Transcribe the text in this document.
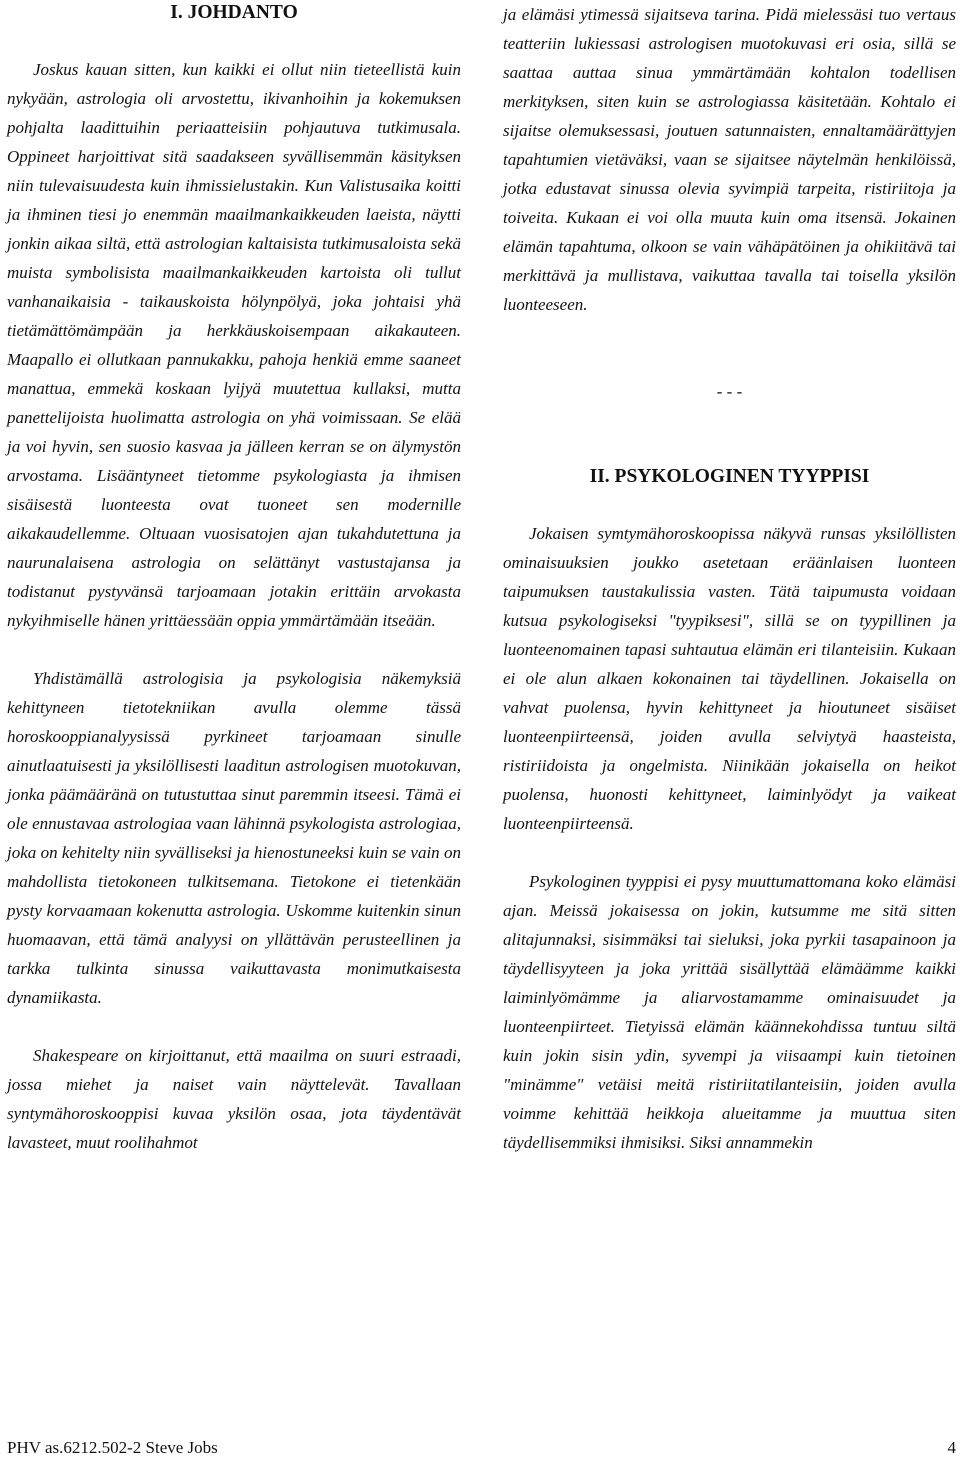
I. JOHDANTO

Joskus kauan sitten, kun kaikki ei ollut niin tieteellistä kuin nykyään, astrologia oli arvostettu, ikivanhoihin ja kokemuksen pohjalta laadittuihin periaatteisiin pohjautuva tutkimusala. Oppineet harjoittivat sitä saadakseen syvällisemmän käsityksen niin tulevaisuudesta kuin ihmissielustakin. Kun Valistusaika koitti ja ihminen tiesi jo enemmän maailmankaikkeuden laeista, näytti jonkin aikaa siltä, että astrologian kaltaisista tutkimusaloista sekä muista symbolisista maailmankaikkeuden kartoista oli tullut vanhanaikaisia - taikauskoista hölynpölyä, joka johtaisi yhä tietämättömämpään ja herkkäuskoisempaan aikakauteen. Maapallo ei ollutkaan pannukakku, pahoja henkiä emme saaneet manattua, emmekä koskaan lyijyä muutettua kullaksi, mutta panettelijoista huolimatta astrologia on yhä voimissaan. Se elää ja voi hyvin, sen suosio kasvaa ja jälleen kerran se on älymystön arvostama. Lisääntyneet tietomme psykologiasta ja ihmisen sisäisestä luonteesta ovat tuoneet sen modernille aikakaudellemme. Oltuaan vuosisatojen ajan tukahdutettuna ja naurunalaisena astrologia on selättänyt vastustajansa ja todistanut pystyvänsä tarjoamaan jotakin erittäin arvokasta nykyihmiselle hänen yrittäessään oppia ymmärtämään itseään.

Yhdistämällä astrologisia ja psykologisia näkemyksiä kehittyneen tietotekniikan avulla olemme tässä horoskooppianalyysissä pyrkineet tarjoamaan sinulle ainutlaatuisesti ja yksilöllisesti laaditun astrologisen muotokuvan, jonka päämääränä on tutustuttaa sinut paremmin itseesi. Tämä ei ole ennustavaa astrologiaa vaan lähinnä psykologista astrologiaa, joka on kehitelty niin syvälliseksi ja hienostuneeksi kuin se vain on mahdollista tietokoneen tulkitsemana. Tietokone ei tietenkään pysty korvaamaan kokenutta astrologia. Uskomme kuitenkin sinun huomaavan, että tämä analyysi on yllättävän perusteellinen ja tarkka tulkinta sinussa vaikuttavasta monimutkaisesta dynamiikasta.

Shakespeare on kirjoittanut, että maailma on suuri estraadi, jossa miehet ja naiset vain näyttelevät. Tavallaan syntymähoroskooppisi kuvaa yksilön osaa, jota täydentävät lavasteet, muut roolihahmot

ja elämäsi ytimessä sijaitseva tarina. Pidä mielessäsi tuo vertaus teatteriin lukiessasi astrologisen muotokuvasi eri osia, sillä se saattaa auttaa sinua ymmärtämään kohtalon todellisen merkityksen, siten kuin se astrologiassa käsitetään. Kohtalo ei sijaitse olemuksessasi, joutuen satunnaisten, ennaltamäärättyjen tapahtumien vietäväksi, vaan se sijaitsee näytelmän henkilöissä, jotka edustavat sinussa olevia syvimpiä tarpeita, ristiriitoja ja toiveita. Kukaan ei voi olla muuta kuin oma itsensä. Jokainen elämän tapahtuma, olkoon se vain vähäpätöinen ja ohikiitävä tai merkittävä ja mullistava, vaikuttaa tavalla tai toisella yksilön luonteeseen.

- - -

II. PSYKOLOGINEN TYYPPISI

Jokaisen symtymähoroskoopissa näkyvä runsas yksilöllisten ominaisuuksien joukko asetetaan eräänlaisen luonteen taipumuksen taustakulissia vasten. Tätä taipumusta voidaan kutsua psykologiseksi "tyypiksesi", sillä se on tyypillinen ja luonteenomainen tapasi suhtautua elämän eri tilanteisiin. Kukaan ei ole alun alkaen kokonainen tai täydellinen. Jokaisella on vahvat puolensa, hyvin kehittyneet ja hioutuneet sisäiset luonteenpiirteensä, joiden avulla selviytyä haasteista, ristiriidoista ja ongelmista. Niinikään jokaisella on heikot puolensa, huonosti kehittyneet, laiminlyödyt ja vaikeat luonteenpiirteensä.

Psykologinen tyyppisi ei pysy muuttumattomana koko elämäsi ajan. Meissä jokaisessa on jokin, kutsumme me sitä sitten alitajunnaksi, sisimmäksi tai sieluksi, joka pyrkii tasapainoon ja täydellisyyteen ja joka yrittää sisällyttää elämäämme kaikki laiminlyömämme ja aliarvostamamme ominaisuudet ja luonteenpiirteet. Tietyissä elämän käännekohdissa tuntuu siltä kuin jokin sisin ydin, syvempi ja viisaampi kuin tietoinen "minämme" vetäisi meitä ristiriitatilanteisiin, joiden avulla voimme kehittää heikkoja alueitamme ja muuttua siten täydellisemmiksi ihmisiksi. Siksi annammekin

PHV as.6212.502-2 Steve Jobs	4
